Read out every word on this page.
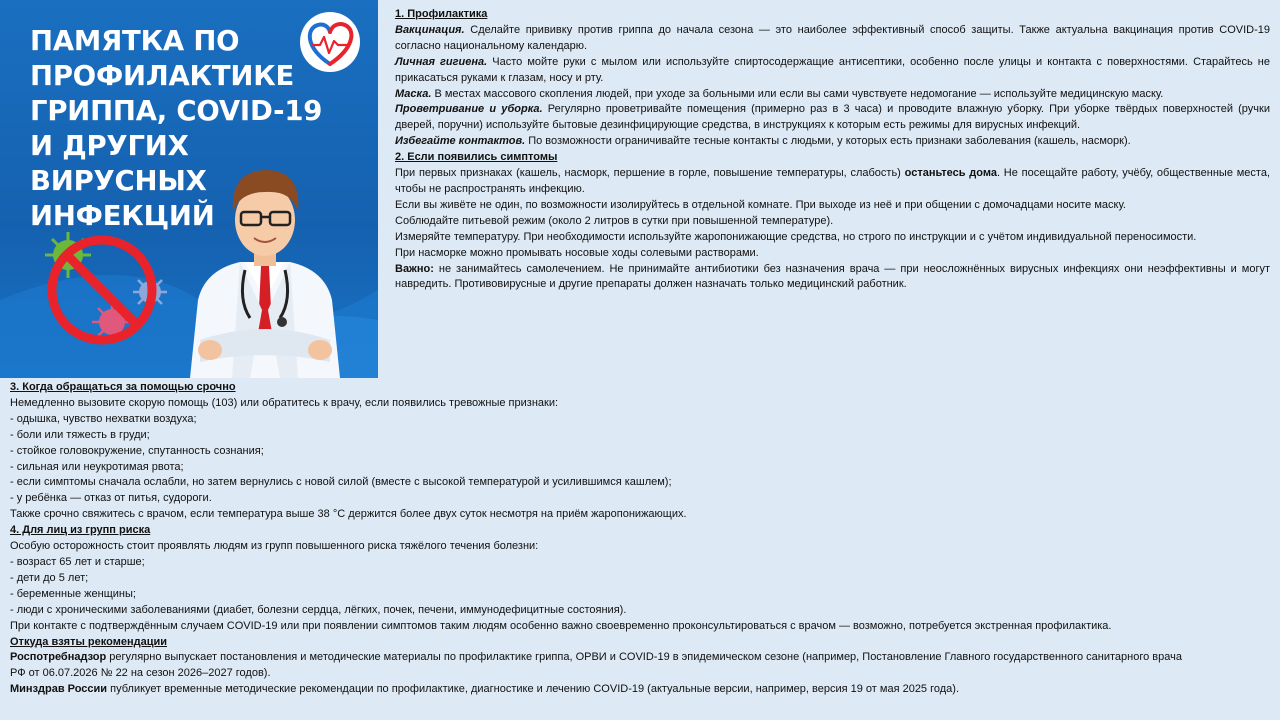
ПАМЯТКА ПО
ПРОФИЛАКТИКЕ
ГРИППА, COVID-19
И ДРУГИХ ВИРУСНЫХ
ИНФЕКЦИЙ

1. Профилактика

Вакцинация. Сделайте прививку против гриппа до начала сезона — это наиболее эффективный способ защиты. Также актуальна вакцинация против COVID-19 согласно национальному календарю.

Личная гигиена. Часто мойте руки с мылом или используйте спиртосодержащие антисептики, особенно после улицы и контакта с поверхностями. Старайтесь не прикасаться руками к глазам, носу и рту.

Маска. В местах массового скопления людей, при уходе за больными или если вы сами чувствуете недомогание — используйте медицинскую маску.

Проветривание и уборка. Регулярно проветривайте помещения (примерно раз в 3 часа) и проводите влажную уборку. При уборке твёрдых поверхностей (ручки дверей, поручни) используйте бытовые дезинфицирующие средства, в инструкциях к которым есть режимы для вирусных инфекций.

Избегайте контактов. По возможности ограничивайте тесные контакты с людьми, у которых есть признаки заболевания (кашель, насморк).

2. Если появились симптомы

При первых признаках (кашель, насморк, першение в горле, повышение температуры, слабость) останьтесь дома. Не посещайте работу, учёбу, общественные места, чтобы не распространять инфекцию.

Если вы живёте не один, по возможности изолируйтесь в отдельной комнате. При выходе из неё и при общении с домочадцами носите маску.

Соблюдайте питьевой режим (около 2 литров в сутки при повышенной температуре).

Измеряйте температуру. При необходимости используйте жаропонижающие средства, но строго по инструкции и с учётом индивидуальной переносимости.

При насморке можно промывать носовые ходы солевыми растворами.

Важно: не занимайтесь самолечением. Не принимайте антибиотики без назначения врача — при неосложнённых вирусных инфекциях они неэффективны и могут навредить. Противовирусные и другие препараты должен назначать только медицинский работник.

3. Когда обращаться за помощью срочно

Немедленно вызовите скорую помощь (103) или обратитесь к врачу, если появились тревожные признаки:

- одышка, чувство нехватки воздуха;

- боли или тяжесть в груди;

- стойкое головокружение, спутанность сознания;

- сильная или неукротимая рвота;

- если симптомы сначала ослабли, но затем вернулись с новой силой (вместе с высокой температурой и усилившимся кашлем);

- у ребёнка — отказ от питья, судороги.

Также срочно свяжитесь с врачом, если температура выше 38 °С держится более двух суток несмотря на приём жаропонижающих.

4. Для лиц из групп риска

Особую осторожность стоит проявлять людям из групп повышенного риска тяжёлого течения болезни:

- возраст 65 лет и старше;

- дети до 5 лет;

- беременные женщины;

- люди с хроническими заболеваниями (диабет, болезни сердца, лёгких, почек, печени, иммунодефицитные состояния).

При контакте с подтверждённым случаем COVID-19 или при появлении симптомов таким людям особенно важно своевременно проконсультироваться с врачом — возможно, потребуется экстренная профилактика.

Откуда взяты рекомендации

Роспотребнадзор регулярно выпускает постановления и методические материалы по профилактике гриппа, ОРВИ и COVID-19 в эпидемическом сезоне (например, Постановление Главного государственного санитарного врача РФ от 06.07.2026 № 22 на сезон 2026–2027 годов).

Минздрав России публикует временные методические рекомендации по профилактике, диагностике и лечению COVID-19 (актуальные версии, например, версия 19 от мая 2025 года).
